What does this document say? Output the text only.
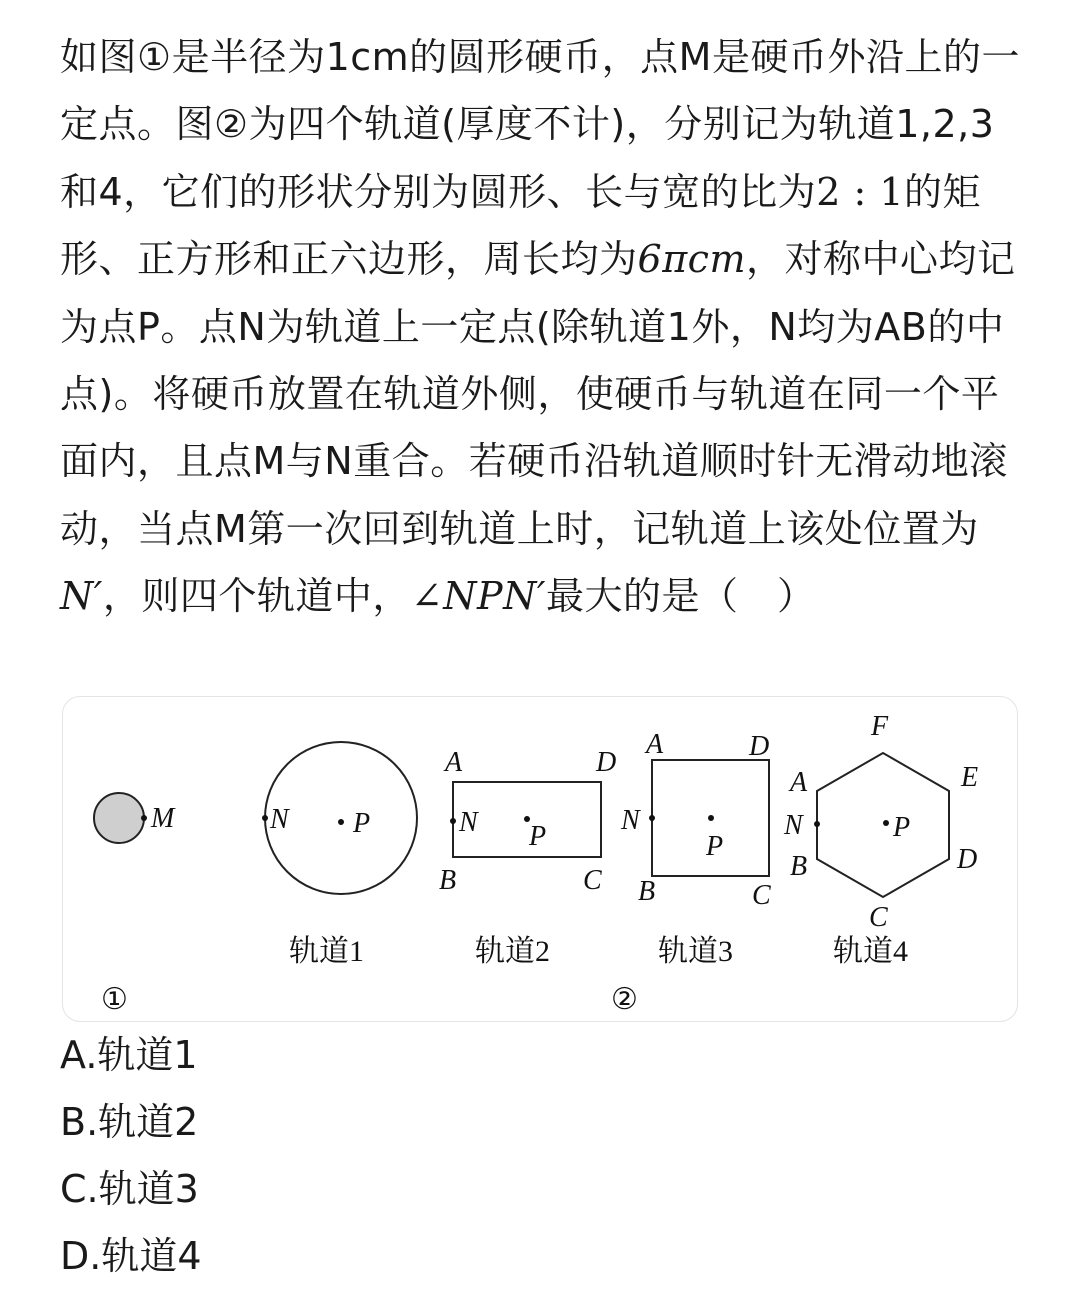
如图①是半径为1cm的圆形硬币，点M是硬币外沿上的一定点。图②为四个轨道(厚度不计)，分别记为轨道1,2,3和4，它们的形状分别为圆形、长与宽的比为2 : 1的矩形、正方形和正六边形，周长均为6πcm，对称中心均记为点P。点N为轨道上一定点(除轨道1外，N均为AB的中点)。将硬币放置在轨道外侧，使硬币与轨道在同一个平面内，且点M与N重合。若硬币沿轨道顺时针无滑动地滚动，当点M第一次回到轨道上时，记轨道上该处位置为N′，则四个轨道中，∠NPN′最大的是（　）
M
①
N P
轨道1
N P
A	D
B	C
轨道2
N
P
A	D
B	C
轨道3
N	P
F
E
A
B	D
C
轨道4
②
A.轨道1
B.轨道2
C.轨道3
D.轨道4
